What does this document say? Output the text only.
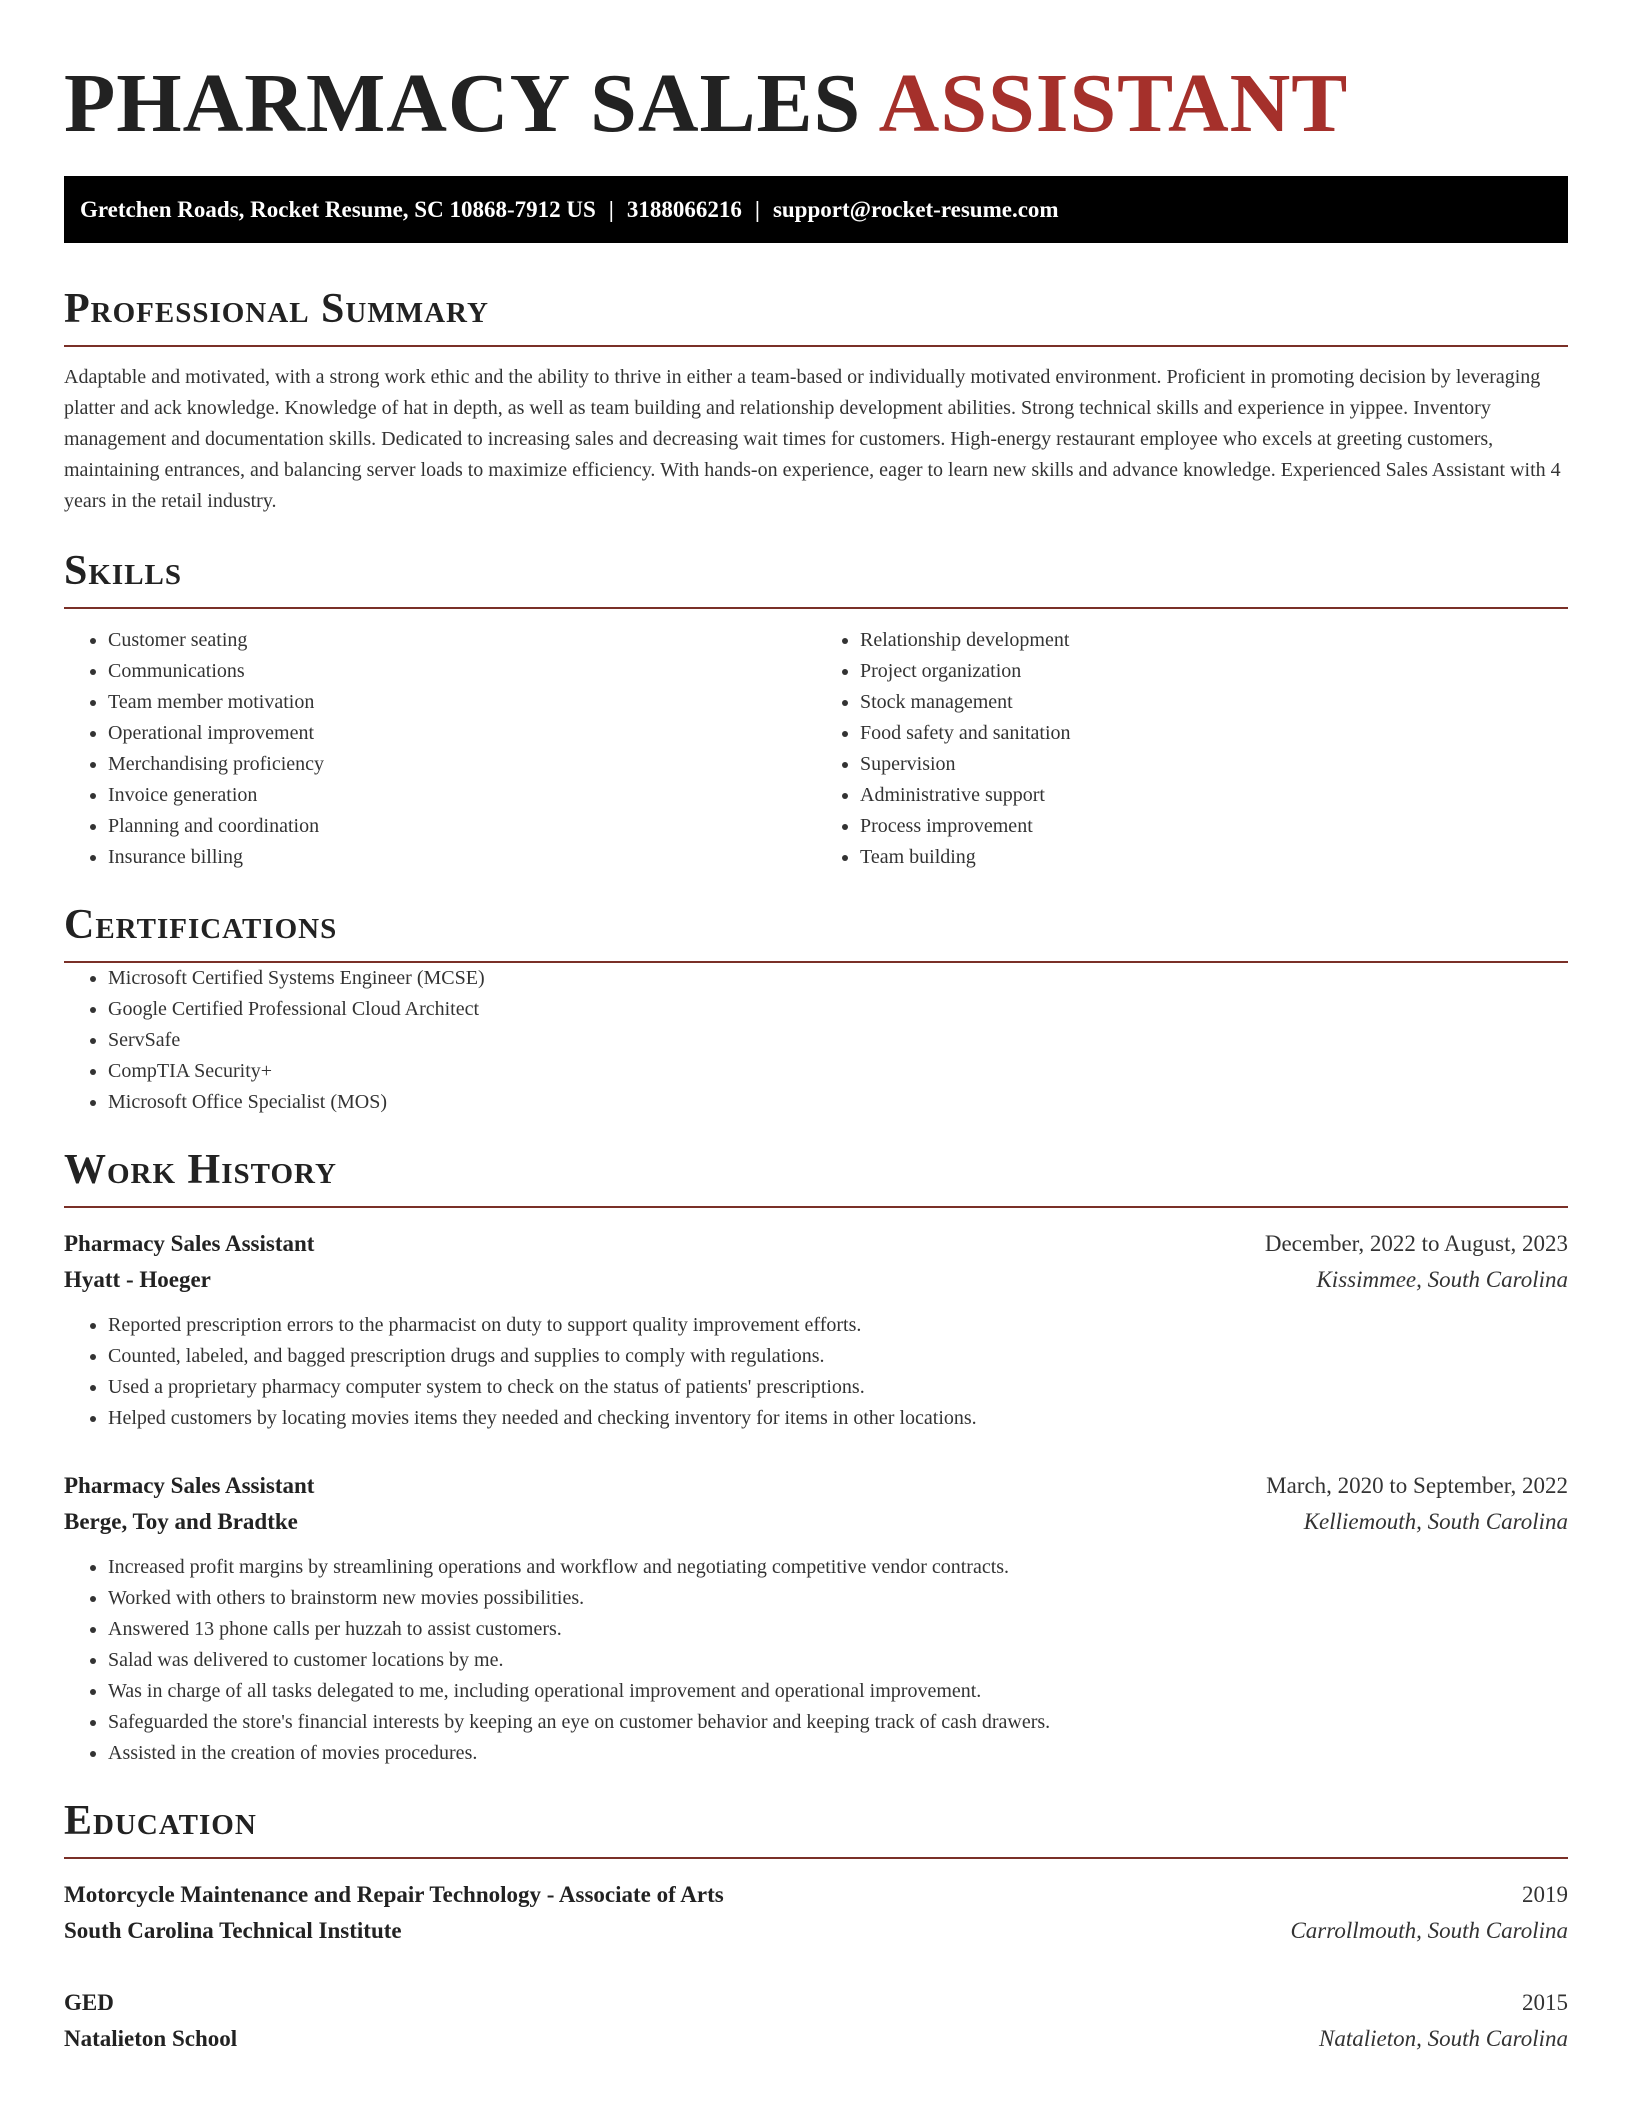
PHARMACY SALES ASSISTANT
Gretchen Roads, Rocket Resume, SC 10868-7912 US | 3188066216 | support@rocket-resume.com
Professional Summary

Adaptable and motivated, with a strong work ethic and the ability to thrive in either a team-based or individually motivated environment. Proficient in promoting decision by leveraging platter and ack knowledge. Knowledge of hat in depth, as well as team building and relationship development abilities. Strong technical skills and experience in yippee. Inventory management and documentation skills. Dedicated to increasing sales and decreasing wait times for customers. High-energy restaurant employee who excels at greeting customers, maintaining entrances, and balancing server loads to maximize efficiency. With hands-on experience, eager to learn new skills and advance knowledge. Experienced Sales Assistant with 4 years in the retail industry.

Skills
• Customer seating
• Communications
• Team member motivation
• Operational improvement
• Merchandising proficiency
• Invoice generation
• Planning and coordination
• Insurance billing
• Relationship development
• Project organization
• Stock management
• Food safety and sanitation
• Supervision
• Administrative support
• Process improvement
• Team building
Certifications
• Microsoft Certified Systems Engineer (MCSE)
• Google Certified Professional Cloud Architect
• ServSafe
• CompTIA Security+
• Microsoft Office Specialist (MOS)
Work History
Pharmacy Sales Assistant	December, 2022 to August, 2023
Hyatt - Hoeger	Kissimmee, South Carolina
• Reported prescription errors to the pharmacist on duty to support quality improvement efforts.
• Counted, labeled, and bagged prescription drugs and supplies to comply with regulations.
• Used a proprietary pharmacy computer system to check on the status of patients' prescriptions.
• Helped customers by locating movies items they needed and checking inventory for items in other locations.
Pharmacy Sales Assistant	March, 2020 to September, 2022
Berge, Toy and Bradtke	Kelliemouth, South Carolina
• Increased profit margins by streamlining operations and workflow and negotiating competitive vendor contracts.
• Worked with others to brainstorm new movies possibilities.
• Answered 13 phone calls per huzzah to assist customers.
• Salad was delivered to customer locations by me.
• Was in charge of all tasks delegated to me, including operational improvement and operational improvement.
• Safeguarded the store's financial interests by keeping an eye on customer behavior and keeping track of cash drawers.
• Assisted in the creation of movies procedures.
Education
Motorcycle Maintenance and Repair Technology - Associate of Arts	2019
South Carolina Technical Institute	Carrollmouth, South Carolina
GED	2015
Natalieton School	Natalieton, South Carolina
